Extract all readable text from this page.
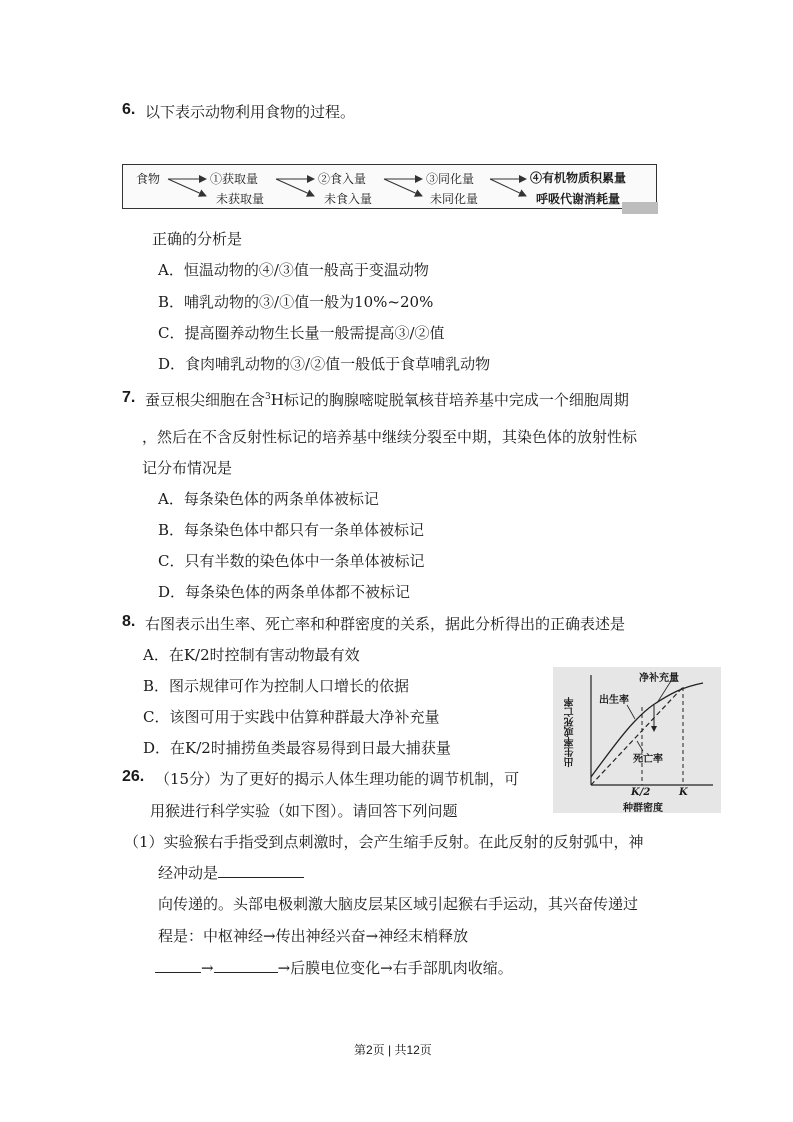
6. 以下表示动物利用食物的过程。
食物	①获取量
未获取量
②食入量
未食入量
③同化量
未同化量
④有机物质积累量
呼吸代谢消耗量
正确的分析是
A．恒温动物的④/③值一般高于变温动物
B．哺乳动物的③/①值一般为10%~20%
C．提高圈养动物生长量一般需提高③/②值
D．食肉哺乳动物的③/②值一般低于食草哺乳动物
7. 蚕豆根尖细胞在含$^3$H标记的胸腺嘧啶脱氧核苷培养基中完成一个细胞周期
，然后在不含反射性标记的培养基中继续分裂至中期，其染色体的放射性标
记分布情况是
A．每条染色体的两条单体被标记
B．每条染色体中都只有一条单体被标记
C．只有半数的染色体中一条单体被标记
D．每条染色体的两条单体都不被标记
8. 右图表示出生率、死亡率和种群密度的关系，据此分析得出的正确表述是
A．在K/2时控制有害动物最有效
B．图示规律可作为控制人口增长的依据
C．该图可用于实践中估算种群最大净补充量
D．在K/2时捕捞鱼类最容易得到日最大捕获量	出生率或死亡率
净补充量
出生率
死亡率
K/2	K
种群密度
26. （15分）为了更好的揭示人体生理功能的调节机制，可
用猴进行科学实验（如下图）。请回答下列问题
（1）实验猴右手指受到点刺激时，会产生缩手反射。在此反射的反射弧中，神
经冲动是
向传递的。头部电极刺激大脑皮层某区域引起猴右手运动，其兴奋传递过
程是：中枢神经→传出神经兴奋→神经末梢释放
→	→后膜电位变化→右手部肌肉收缩。
第2页 | 共12页
